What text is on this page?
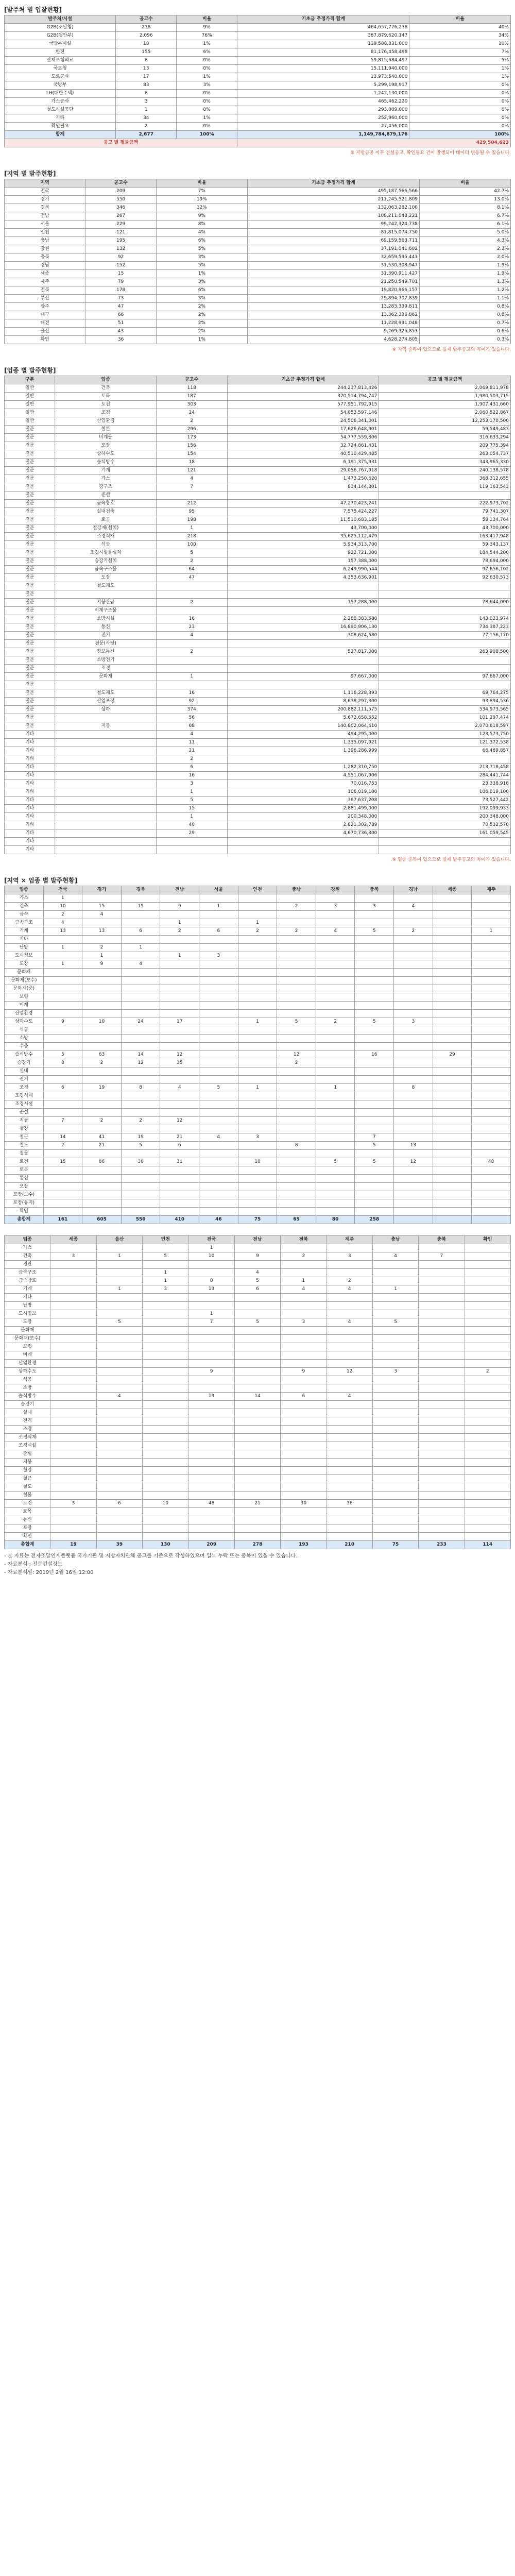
[발주처 별 입찰현황]
발주처/시설	공고수	비율	기초금 추정가격 합계	비율
G2B(조달청)	238	9%	464,657,776,278	40%
G2B(행안부)	2,096	76%	387,879,620,147	34%
국방부시설	18	1%	119,588,831,000	10%
한전	155	6%	81,176,458,498	7%
산재보험의료	8	0%	59,815,684,497	5%
국토청	13	0%	15,111,940,000	1%
도로공사	17	1%	13,973,540,000	1%
국방부	83	3%	5,299,198,917	0%
LH(대한주택)	8	0%	1,242,130,000	0%
가스공사	3	0%	465,462,220	0%
철도시설공단	1	0%	293,009,000	0%
기타	34	1%	252,960,000	0%
확인필요	2	0%	27,456,000	0%
합계	2,677	100%	1,149,784,879,176	100%
공고 별 평균금액			429,504,623	
※ 지방공공 이후 건설공고, 확인필요 건이 발생되어 데이터 변동될 수 있습니다.
[지역 별 발주현황]
지역	공고수	비율	기초금 추정가격 합계	비율
전국	209	7%	495,187,566,566	42.7%
경기	550	19%	211,245,521,809	13.0%
경북	346	12%	132,063,282,100	8.1%
전남	267	9%	108,211,048,221	6.7%
서울	229	8%	99,242,324,738	6.1%
인천	121	4%	81,815,074,750	5.0%
충남	195	6%	69,159,563,711	4.3%
강원	132	5%	37,191,041,602	2.3%
충북	92	3%	32,659,595,443	2.0%
경남	152	5%	31,530,308,947	1.9%
세종	15	1%	31,390,911,427	1.9%
제주	79	3%	21,250,549,701	1.3%
전북	178	6%	19,820,966,157	1.2%
부산	73	3%	29,894,707,839	1.1%
광주	47	2%	13,283,339,811	0.8%
대구	66	2%	13,362,336,862	0.8%
대전	51	2%	11,228,991,048	0.7%
울산	43	2%	9,269,325,853	0.6%
확인	36	1%	4,628,274,805	0.3%
※ 지역 중복이 있으므로 실제 발주공고와 차이가 있습니다.
[업종 별 발주현황]
구분	업종	공고수	기초금 추정가격 합계	공고 별 평균금액
일반	건축	118	244,237,813,426	2,069,811,978
일반	토목	187	370,514,794,747	1,980,503,715
일반	토건	303	577,951,792,915	1,907,431,660
일반	조경	24	54,053,597,146	2,060,522,867
일반	산업환경	2	24,506,341,001	12,253,170,500
전문	철콘	296	17,626,648,901	59,549,483
전문	비계물	173	54,777,559,806	316,633,294
전문	포장	156	32,724,861,431	209,775,394
전문	상하수도	154	40,510,429,485	263,054,737
전문	습식방수	18	6,191,375,931	343,965,330
전문	기계	121	29,056,767,918	240,138,578
전문	가스	4	1,473,250,620	368,312,655
전문	강구조	7	834,144,801	119,163,543
전문	준설			
전문	금속창호	212	47,270,423,241	222,973,702
전문	실내건축	95	7,575,424,227	79,741,307
전문	토공	198	11,510,683,185	58,134,764
전문	철강재(설치)	1	43,700,000	43,700,000
전문	조경식재	218	35,625,112,479	163,417,948
전문	석공	100	5,934,313,700	59,343,137
전문	조경시설물설치	5	922,721,000	184,544,200
전문	승강기설치	2	157,388,000	78,694,000
전문	금속구조물	64	6,249,990,544	97,656,102
전문	도장	47	4,353,636,901	92,630,573
전문	철도궤도			
전문				
전문	지붕판금	2	157,288,000	78,644,000
전문	비계구조물			
전문	소방시설	16	2,288,383,580	143,023,974
전문	통신	23	16,890,906,130	734,387,223
전문	전기	4	308,624,680	77,156,170
전문	전문(사당)			
전문	정보통신	2	527,817,000	263,908,500
전문	소방전기			
전문	조경			
전문	문화재	1	97,667,000	97,667,000
전문				
전문	철도궤도	16	1,116,228,393	69,764,275
전문	산업포장	92	8,638,297,300	93,894,536
전문	상하	374	200,882,111,575	534,973,565
전문		56	5,672,658,552	101,297,474
전문	지붕	68	140,802,064,610	2,070,618,597
기타		4	494,295,000	123,573,750
기타		11	1,335,097,921	121,372,538
기타		21	1,396,286,999	66,489,857
기타		2		
기타		6	1,282,310,750	213,718,458
기타		16	4,551,067,906	284,441,744
기타		3	70,016,753	23,338,918
기타		1	106,019,100	106,019,100
기타		5	367,637,208	73,527,442
기타		15	2,881,499,000	192,099,933
기타		1	200,348,000	200,348,000
기타		40	2,821,302,789	70,532,570
기타		29	4,670,736,800	161,059,545
기타				
기타				
※ 업종 중복이 있으므로 실제 발주공고와 차이가 있습니다.
[지역 × 업종 별 발주현황]
업종	전국	경기	경북	전남	서울	인천	충남	강원	충북	경남	세종	제주
가스	1											
건축	10	15	15	9	1		2	3	3	4		
금속	2	4										
금속구조	4			1		1						
기계	13	13	6	2	6	2	2	4	5	2		1
기타												
난방	1	2	1									
도시정보		1		1	3							
도장	1	9	4									
문화재												
문화재(보수)												
문화재(중)												
보링												
비계												
산업환경												
상하수도	9	10	24	17		1	5	2	5	3		
석공												
소방												
수중												
습식방수	5	63	14	12			12		16		29	
승강기	8	2	12	35			2					
실내												
전기												
조경	6	19	8	4	5	1		1		8		
조경식재												
조경시설												
준설												
지붕	7	2	2	12								
철강												
철근	14	41	19	21	4	3			7			
철도	2	21	5	6			8		5	13		
철물												
토건	15	86	30	31		10		5	5	12		48
토목												
통신												
포장												
포장(보수)												
포장(유지)												
확인												
총합계	161	605	550	410	46	75	65	80	258			
업종	세종	울산	인천	전국	전남	전북	제주	충남	충북	확인
가스				1						
건축	3	1	5	10	9	2	3	4	7	
경관										
금속구조			1		4					
금속창호			1	8	5	1	2			
기계		1	3	13	6	4	4	1		
기타										
난방										
도시정보				1						
도장		5		7	5	3	4	5		
문화재										
문화재(보수)										
보링										
비계										
산업환경										
상하수도				9		9	12	3		2
석공										
소방										
습식방수		4		19	14	6	4			
승강기										
실내										
전기										
조경										
조경식재										
조경시설										
준설										
지붕										
철강										
철근										
철도										
철물										
토건	3	6	10	48	21	30	36			
토목										
통신										
포장										
확인										
총합계	19	39	130	209	278	193	210	75	233	114
- 본 자료는 전자조달연계플랫폼 국가기관 및 지방자치단체 공고를 기준으로 작성하였으며 일부 누락 또는 중복이 있을 수 있습니다.
- 자료분석 : 전문건설정보
- 자료분석일: 2019년 2월 16일 12:00
